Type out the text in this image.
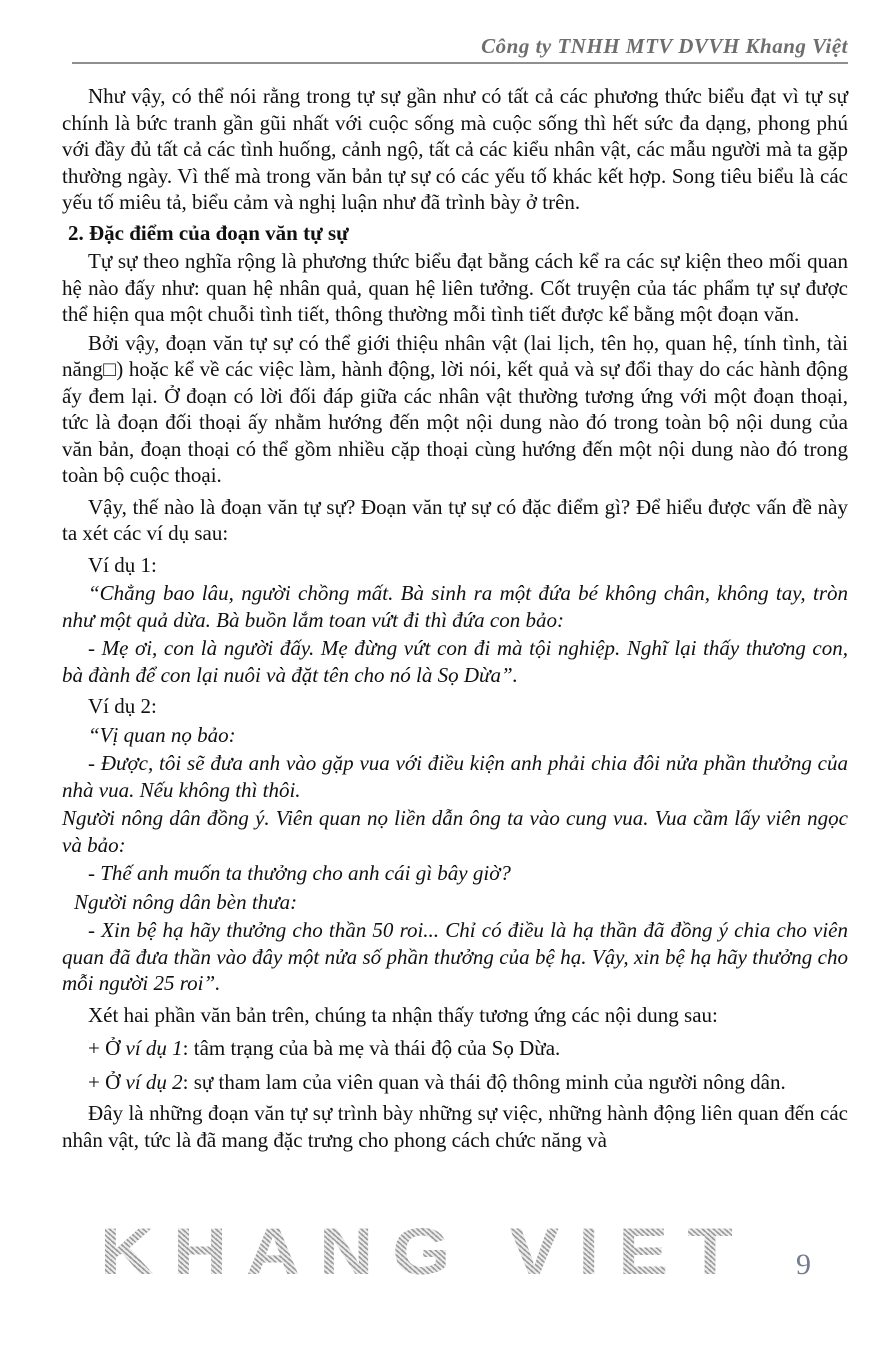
Công ty TNHH MTV DVVH Khang Việt

Như vậy, có thể nói rằng trong tự sự gần như có tất cả các phương thức biểu đạt vì tự sự chính là bức tranh gần gũi nhất với cuộc sống mà cuộc sống thì hết sức đa dạng, phong phú với đầy đủ tất cả các tình huống, cảnh ngộ, tất cả các kiểu nhân vật, các mẫu người mà ta gặp thường ngày. Vì thế mà trong văn bản tự sự có các yếu tố khác kết hợp. Song tiêu biểu là các yếu tố miêu tả, biểu cảm và nghị luận như đã trình bày ở trên.

2. Đặc điểm của đoạn văn tự sự

Tự sự theo nghĩa rộng là phương thức biểu đạt bằng cách kể ra các sự kiện theo mối quan hệ nào đấy như: quan hệ nhân quả, quan hệ liên tưởng. Cốt truyện của tác phẩm tự sự được thể hiện qua một chuỗi tình tiết, thông thường mỗi tình tiết được kể bằng một đoạn văn.

Bởi vậy, đoạn văn tự sự có thể giới thiệu nhân vật (lai lịch, tên họ, quan hệ, tính tình, tài năng□) hoặc kể về các việc làm, hành động, lời nói, kết quả và sự đổi thay do các hành động ấy đem lại. Ở đoạn có lời đối đáp giữa các nhân vật thường tương ứng với một đoạn thoại, tức là đoạn đối thoại ấy nhằm hướng đến một nội dung nào đó trong toàn bộ nội dung của văn bản, đoạn thoại có thể gồm nhiều cặp thoại cùng hướng đến một nội dung nào đó trong toàn bộ cuộc thoại.

Vậy, thế nào là đoạn văn tự sự? Đoạn văn tự sự có đặc điểm gì? Để hiểu được vấn đề này ta xét các ví dụ sau:

Ví dụ 1:

“Chẳng bao lâu, người chồng mất. Bà sinh ra một đứa bé không chân, không tay, tròn như một quả dừa. Bà buồn lắm toan vứt đi thì đứa con bảo:

- Mẹ ơi, con là người đấy. Mẹ đừng vứt con đi mà tội nghiệp. Nghĩ lại thấy thương con, bà đành để con lại nuôi và đặt tên cho nó là Sọ Dừa”.

Ví dụ 2:

“Vị quan nọ bảo:

- Được, tôi sẽ đưa anh vào gặp vua với điều kiện anh phải chia đôi nửa phần thưởng của nhà vua. Nếu không thì thôi.

Người nông dân đồng ý. Viên quan nọ liền dẫn ông ta vào cung vua. Vua cầm lấy viên ngọc và bảo:

- Thế anh muốn ta thưởng cho anh cái gì bây giờ?

Người nông dân bèn thưa:

- Xin bệ hạ hãy thưởng cho thần 50 roi... Chỉ có điều là hạ thần đã đồng ý chia cho viên quan đã đưa thần vào đây một nửa số phần thưởng của bệ hạ. Vậy, xin bệ hạ hãy thưởng cho mỗi người 25 roi”.

Xét hai phần văn bản trên, chúng ta nhận thấy tương ứng các nội dung sau:

+ Ở ví dụ 1: tâm trạng của bà mẹ và thái độ của Sọ Dừa.

+ Ở ví dụ 2: sự tham lam của viên quan và thái độ thông minh của người nông dân.

Đây là những đoạn văn tự sự trình bày những sự việc, những hành động liên quan đến các nhân vật, tức là đã mang đặc trưng cho phong cách chức năng và

KHANG VIET 9
